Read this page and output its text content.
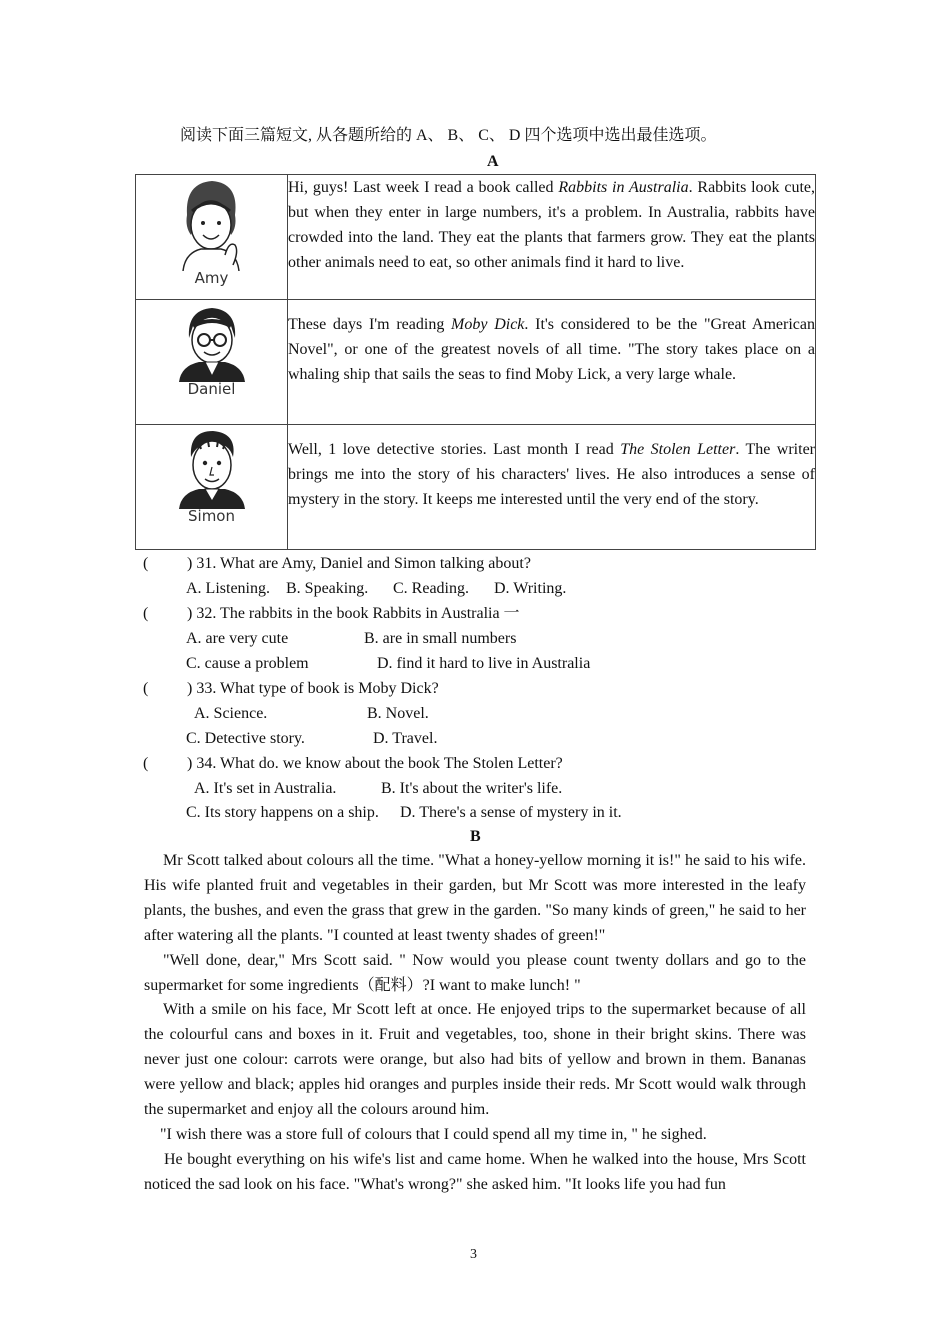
阅读下面三篇短文, 从各题所给的 A、 B、 C、 D 四个选项中选出最佳选项。
A
Amy	Hi, guys! Last week I read a book called Rabbits in Australia. Rabbits look cute, but when they enter in large numbers, it's a problem. In Australia, rabbits have crowded into the land. They eat the plants that farmers grow. They eat the plants other animals need to eat, so other animals find it hard to live.

Daniel	These days I'm reading Moby Dick. It's considered to be the "Great American Novel", or one of the greatest novels of all time. "The story takes place on a whaling ship that sails the seas to find Moby Lick, a very large whale.

Simon	Well, 1 love detective stories. Last month I read The Stolen Letter. The writer brings me into the story of his characters' lives. He also introduces a sense of mystery in the story. It keeps me interested until the very end of the story.
( ) 31. What are Amy, Daniel and Simon talking about?
A. Listening. B. Speaking. C. Reading. D. Writing.
( ) 32. The rabbits in the book Rabbits in Australia 一
A. are very cute	B. are in small numbers
C. cause a problem	D. find it hard to live in Australia
( ) 33. What type of book is Moby Dick?
A. Science.	B. Novel.
C. Detective story.	D. Travel.
( ) 34. What do. we know about the book The Stolen Letter?
A. It's set in Australia.	B. It's about the writer's life.
C. Its story happens on a ship. D. There's a sense of mystery in it.
B

Mr Scott talked about colours all the time. "What a honey-yellow morning it is!" he said to his wife. His wife planted fruit and vegetables in their garden, but Mr Scott was more interested in the leafy plants, the bushes, and even the grass that grew in the garden. "So many kinds of green," he said to her after watering all the plants. "I counted at least twenty shades of green!"

"Well done, dear," Mrs Scott said. " Now would you please count twenty dollars and go to the supermarket for some ingredients（配料）?I want to make lunch! "

With a smile on his face, Mr Scott left at once. He enjoyed trips to the supermarket because of all the colourful cans and boxes in it. Fruit and vegetables, too, shone in their bright skins. There was never just one colour: carrots were orange, but also had bits of yellow and brown in them. Bananas were yellow and black; apples hid oranges and purples inside their reds. Mr Scott would walk through the supermarket and enjoy all the colours around him.

"I wish there was a store full of colours that I could spend all my time in, " he sighed.

He bought everything on his wife's list and came home. When he walked into the house, Mrs Scott noticed the sad look on his face. "What's wrong?" she asked him. "It looks life you had fun

3
